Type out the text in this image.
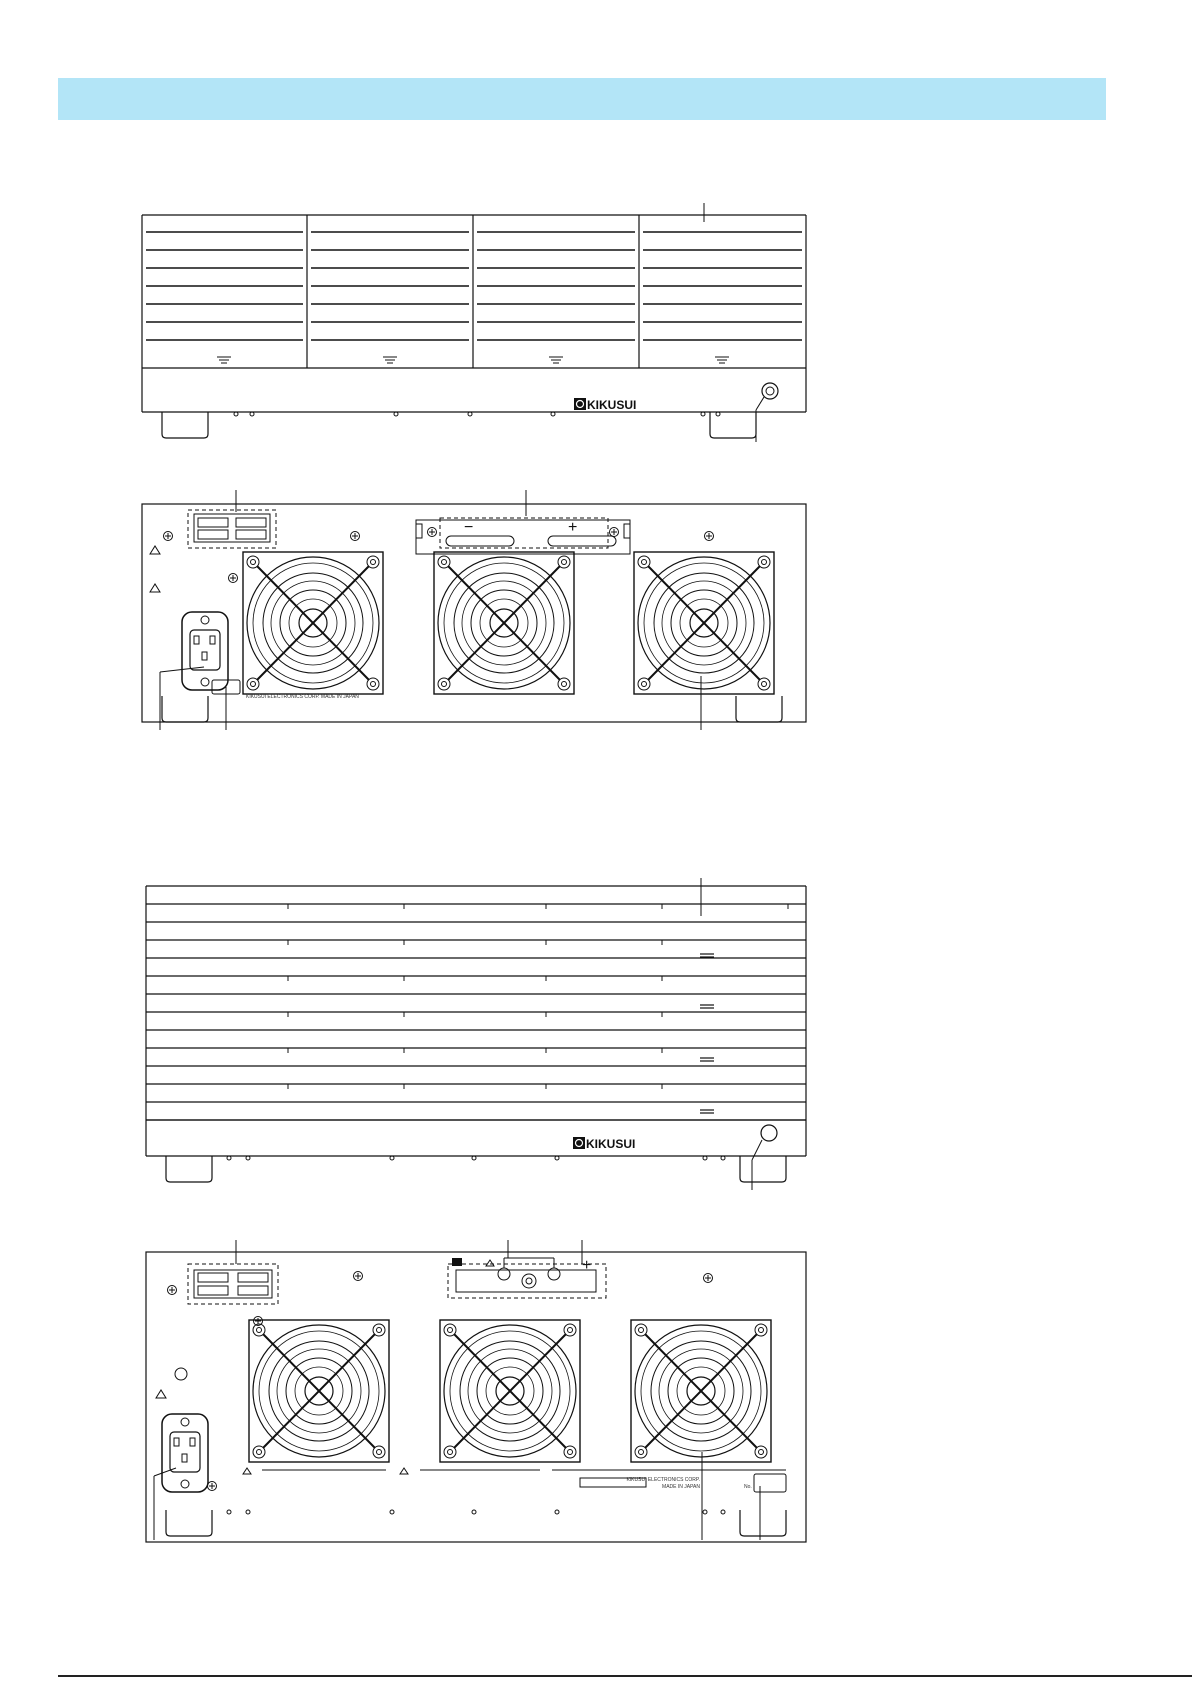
KIKUSUI
−	+
KIKUSUI ELECTRONICS CORP. MADE IN JAPAN
KIKUSUI
+
KIKUSUI ELECTRONICS CORP.
MADE IN JAPAN	No.
